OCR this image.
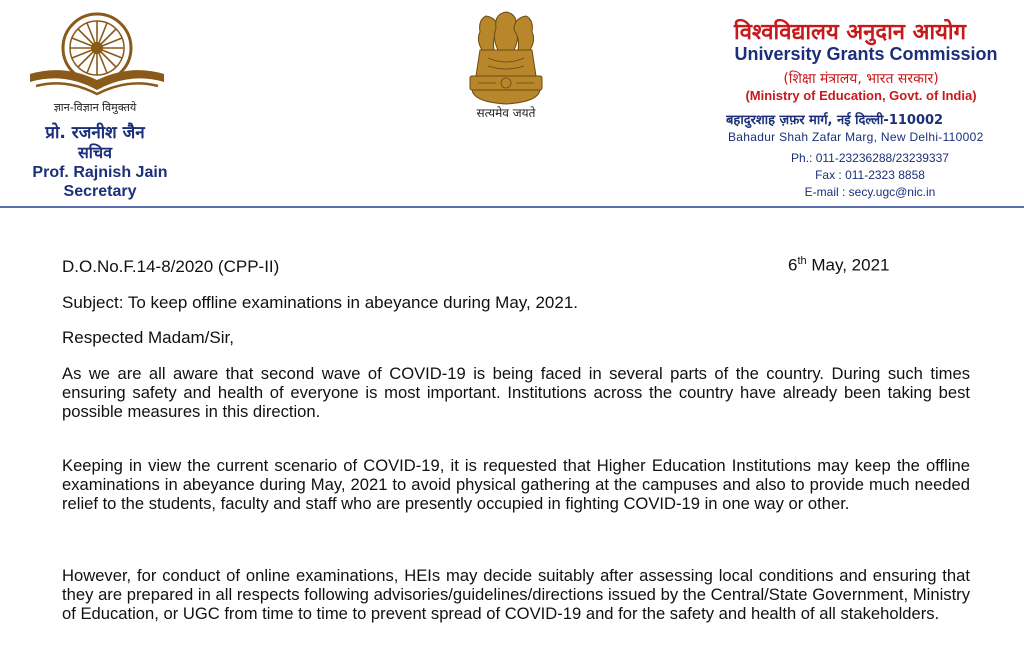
ज्ञान-विज्ञान विमुक्तये
प्रो. रजनीश जैन
सचिव
Prof. Rajnish Jain
Secretary
सत्यमेव जयते
विश्वविद्यालय अनुदान आयोग
University Grants Commission
(शिक्षा मंत्रालय, भारत सरकार)
(Ministry of Education, Govt. of India)
बहादुरशाह ज़फ़र मार्ग, नई दिल्ली-110002
Bahadur Shah Zafar Marg, New Delhi-110002
Ph.: 011-23236288/23239337
Fax : 011-2323 8858
E-mail : secy.ugc@nic.in
D.O.No.F.14-8/2020 (CPP-II)	6th May, 2021
Subject: To keep offline examinations in abeyance during May, 2021.
Respected Madam/Sir,

As we are all aware that second wave of COVID-19 is being faced in several parts of the country. During such times ensuring safety and health of everyone is most important. Institutions across the country have already been taking best possible measures in this direction.

Keeping in view the current scenario of COVID-19, it is requested that Higher Education Institutions may keep the offline examinations in abeyance during May, 2021 to avoid physical gathering at the campuses and also to provide much needed relief to the students, faculty and staff who are presently occupied in fighting COVID-19 in one way or other.

However, for conduct of online examinations, HEIs may decide suitably after assessing local conditions and ensuring that they are prepared in all respects following advisories/guidelines/directions issued by the Central/State Government, Ministry of Education, or UGC from time to time to prevent spread of COVID-19 and for the safety and health of all stakeholders.
